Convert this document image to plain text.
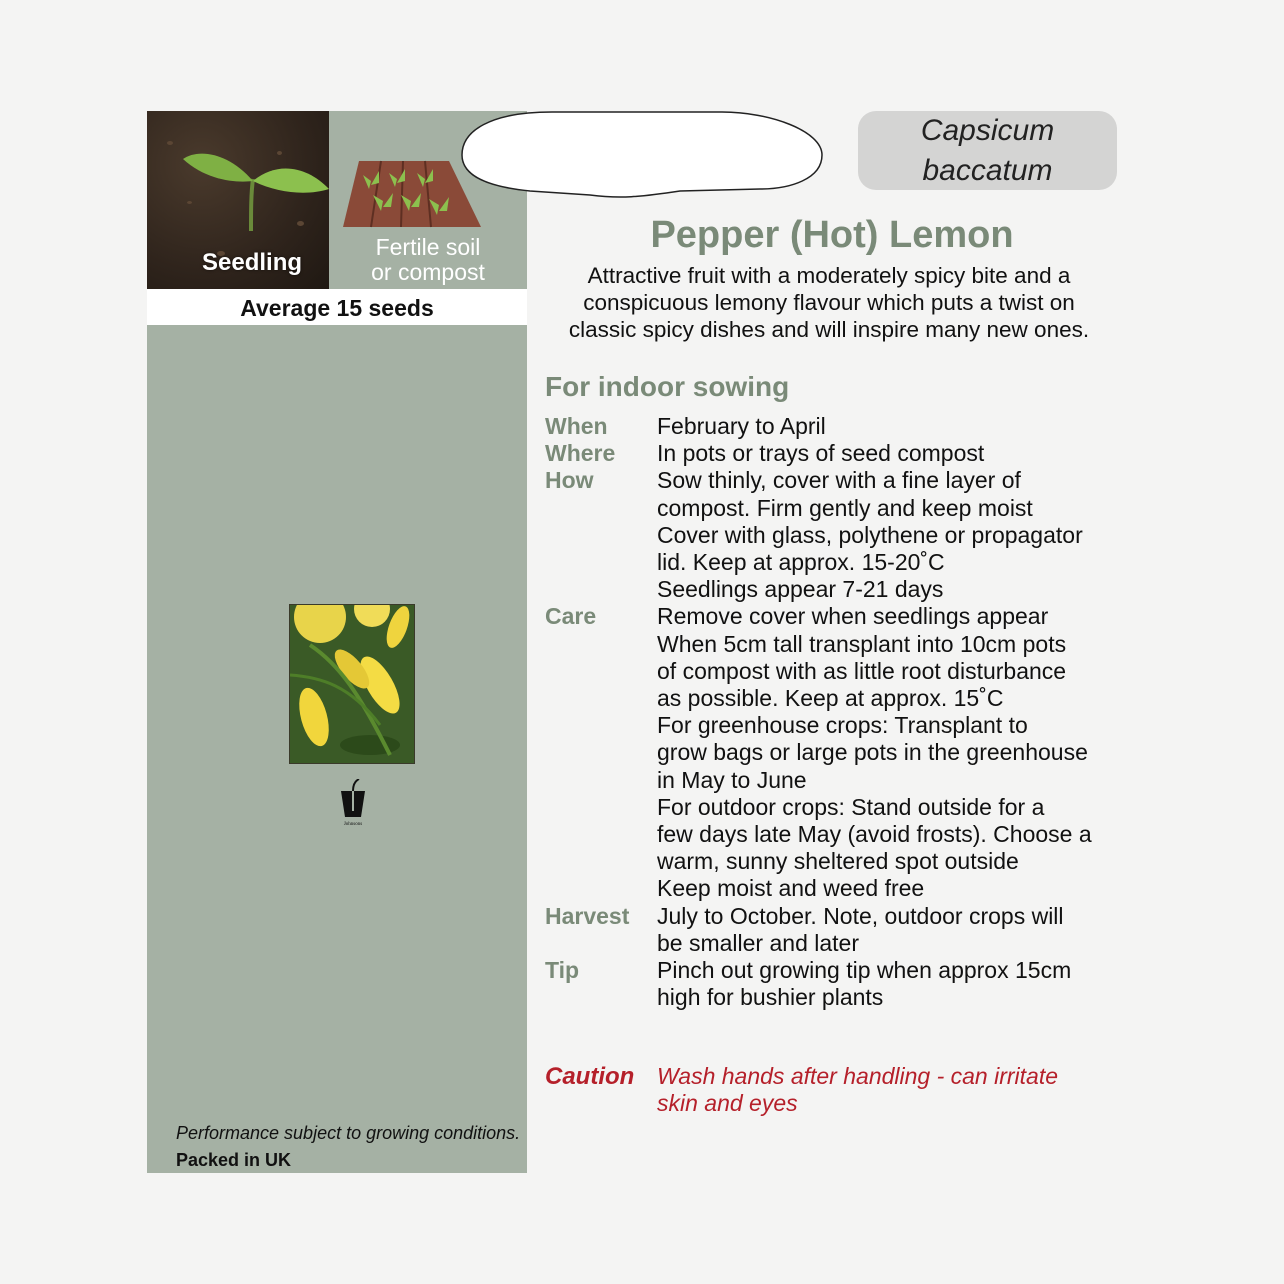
Seedling
Fertile soil
or compost
Average 15 seeds
Johnsons
Performance subject to growing conditions.
Packed in UK
Capsicum
baccatum
Pepper (Hot) Lemon
Attractive fruit with a moderately spicy bite and a
conspicuous lemony flavour which puts a twist on
classic spicy dishes and will inspire many new ones.
For indoor sowing
When	February to April
Where	In pots or trays of seed compost
How	Sow thinly, cover with a fine layer of
compost. Firm gently and keep moist
Cover with glass, polythene or propagator
lid. Keep at approx. 15-20˚C
Seedlings appear 7-21 days
Care	Remove cover when seedlings appear
When 5cm tall transplant into 10cm pots
of compost with as little root disturbance
as possible. Keep at approx. 15˚C
For greenhouse crops: Transplant to
grow bags or large pots in the greenhouse
in May to June
For outdoor crops: Stand outside for a
few days late May (avoid frosts). Choose a
warm, sunny sheltered spot outside
Keep moist and weed free
Harvest	July to October. Note, outdoor crops will
be smaller and later
Tip	Pinch out growing tip when approx 15cm
high for bushier plants
Caution Wash hands after handling - can irritate
skin and eyes
